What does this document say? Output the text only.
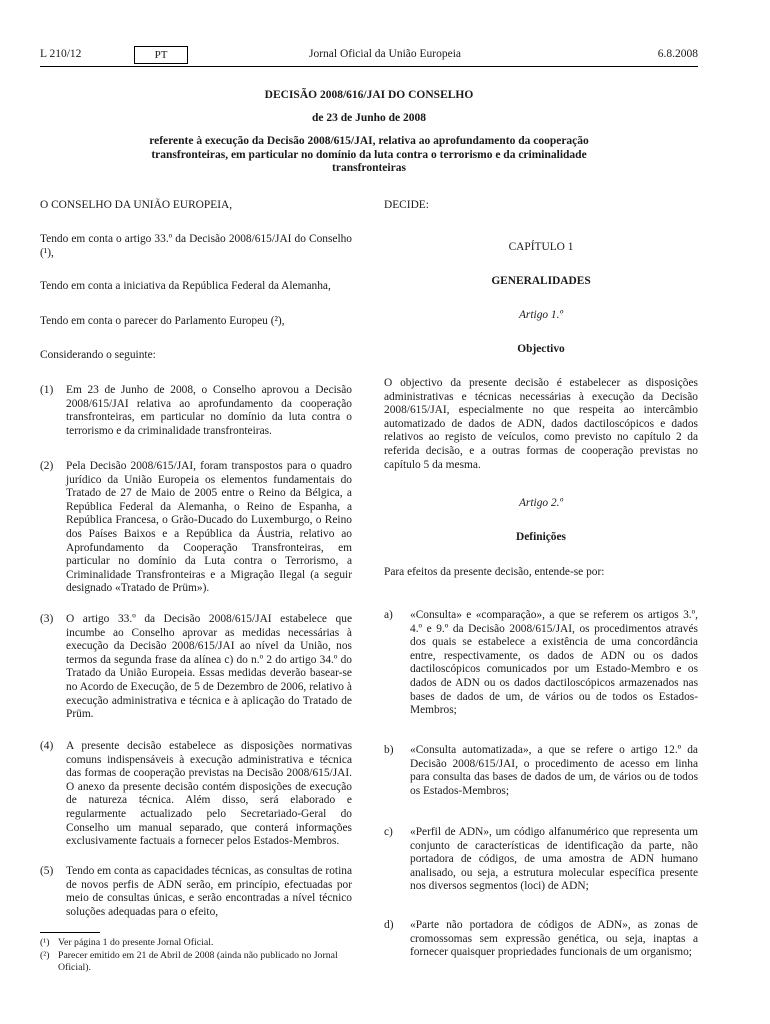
L 210/12	PT	Jornal Oficial da União Europeia	6.8.2008
DECISÃO 2008/616/JAI DO CONSELHO
de 23 de Junho de 2008
referente à execução da Decisão 2008/615/JAI, relativa ao aprofundamento da cooperação transfronteiras, em particular no domínio da luta contra o terrorismo e da criminalidade transfronteiras
O CONSELHO DA UNIÃO EUROPEIA,
Tendo em conta o artigo 33.º da Decisão 2008/615/JAI do Conselho (¹),
Tendo em conta a iniciativa da República Federal da Alemanha,
Tendo em conta o parecer do Parlamento Europeu (²),
Considerando o seguinte:
(1) Em 23 de Junho de 2008, o Conselho aprovou a Decisão 2008/615/JAI relativa ao aprofundamento da cooperação transfronteiras, em particular no domínio da luta contra o terrorismo e da criminalidade transfronteiras.
(2) Pela Decisão 2008/615/JAI, foram transpostos para o quadro jurídico da União Europeia os elementos fundamentais do Tratado de 27 de Maio de 2005 entre o Reino da Bélgica, a República Federal da Alemanha, o Reino de Espanha, a República Francesa, o Grão-Ducado do Luxemburgo, o Reino dos Países Baixos e a República da Áustria, relativo ao Aprofundamento da Cooperação Transfronteiras, em particular no domínio da Luta contra o Terrorismo, a Criminalidade Transfronteiras e a Migração Ilegal (a seguir designado «Tratado de Prüm»).
(3) O artigo 33.º da Decisão 2008/615/JAI estabelece que incumbe ao Conselho aprovar as medidas necessárias à execução da Decisão 2008/615/JAI ao nível da União, nos termos da segunda frase da alínea c) do n.º 2 do artigo 34.º do Tratado da União Europeia. Essas medidas deverão basear-se no Acordo de Execução, de 5 de Dezembro de 2006, relativo à execução administrativa e técnica e à aplicação do Tratado de Prüm.
(4) A presente decisão estabelece as disposições normativas comuns indispensáveis à execução administrativa e técnica das formas de cooperação previstas na Decisão 2008/615/JAI. O anexo da presente decisão contém disposições de execução de natureza técnica. Além disso, será elaborado e regularmente actualizado pelo Secretariado-Geral do Conselho um manual separado, que conterá informações exclusivamente factuais a fornecer pelos Estados-Membros.
(5) Tendo em conta as capacidades técnicas, as consultas de rotina de novos perfis de ADN serão, em princípio, efectuadas por meio de consultas únicas, e serão encontradas a nível técnico soluções adequadas para o efeito,
(¹) Ver página 1 do presente Jornal Oficial.
(²) Parecer emitido em 21 de Abril de 2008 (ainda não publicado no Jornal Oficial).
DECIDE:
CAPÍTULO 1
GENERALIDADES
Artigo 1.º
Objectivo
O objectivo da presente decisão é estabelecer as disposições administrativas e técnicas necessárias à execução da Decisão 2008/615/JAI, especialmente no que respeita ao intercâmbio automatizado de dados de ADN, dados dactiloscópicos e dados relativos ao registo de veículos, como previsto no capítulo 2 da referida decisão, e a outras formas de cooperação previstas no capítulo 5 da mesma.
Artigo 2.º
Definições
Para efeitos da presente decisão, entende-se por:
a) «Consulta» e «comparação», a que se referem os artigos 3.º, 4.º e 9.º da Decisão 2008/615/JAI, os procedimentos através dos quais se estabelece a existência de uma concordância entre, respectivamente, os dados de ADN ou os dados dactiloscópicos comunicados por um Estado-Membro e os dados de ADN ou os dados dactiloscópicos armazenados nas bases de dados de um, de vários ou de todos os Estados-Membros;
b) «Consulta automatizada», a que se refere o artigo 12.º da Decisão 2008/615/JAI, o procedimento de acesso em linha para consulta das bases de dados de um, de vários ou de todos os Estados-Membros;
c) «Perfil de ADN», um código alfanumérico que representa um conjunto de características de identificação da parte, não portadora de códigos, de uma amostra de ADN humano analisado, ou seja, a estrutura molecular específica presente nos diversos segmentos (loci) de ADN;
d) «Parte não portadora de códigos de ADN», as zonas de cromossomas sem expressão genética, ou seja, inaptas a fornecer quaisquer propriedades funcionais de um organismo;
